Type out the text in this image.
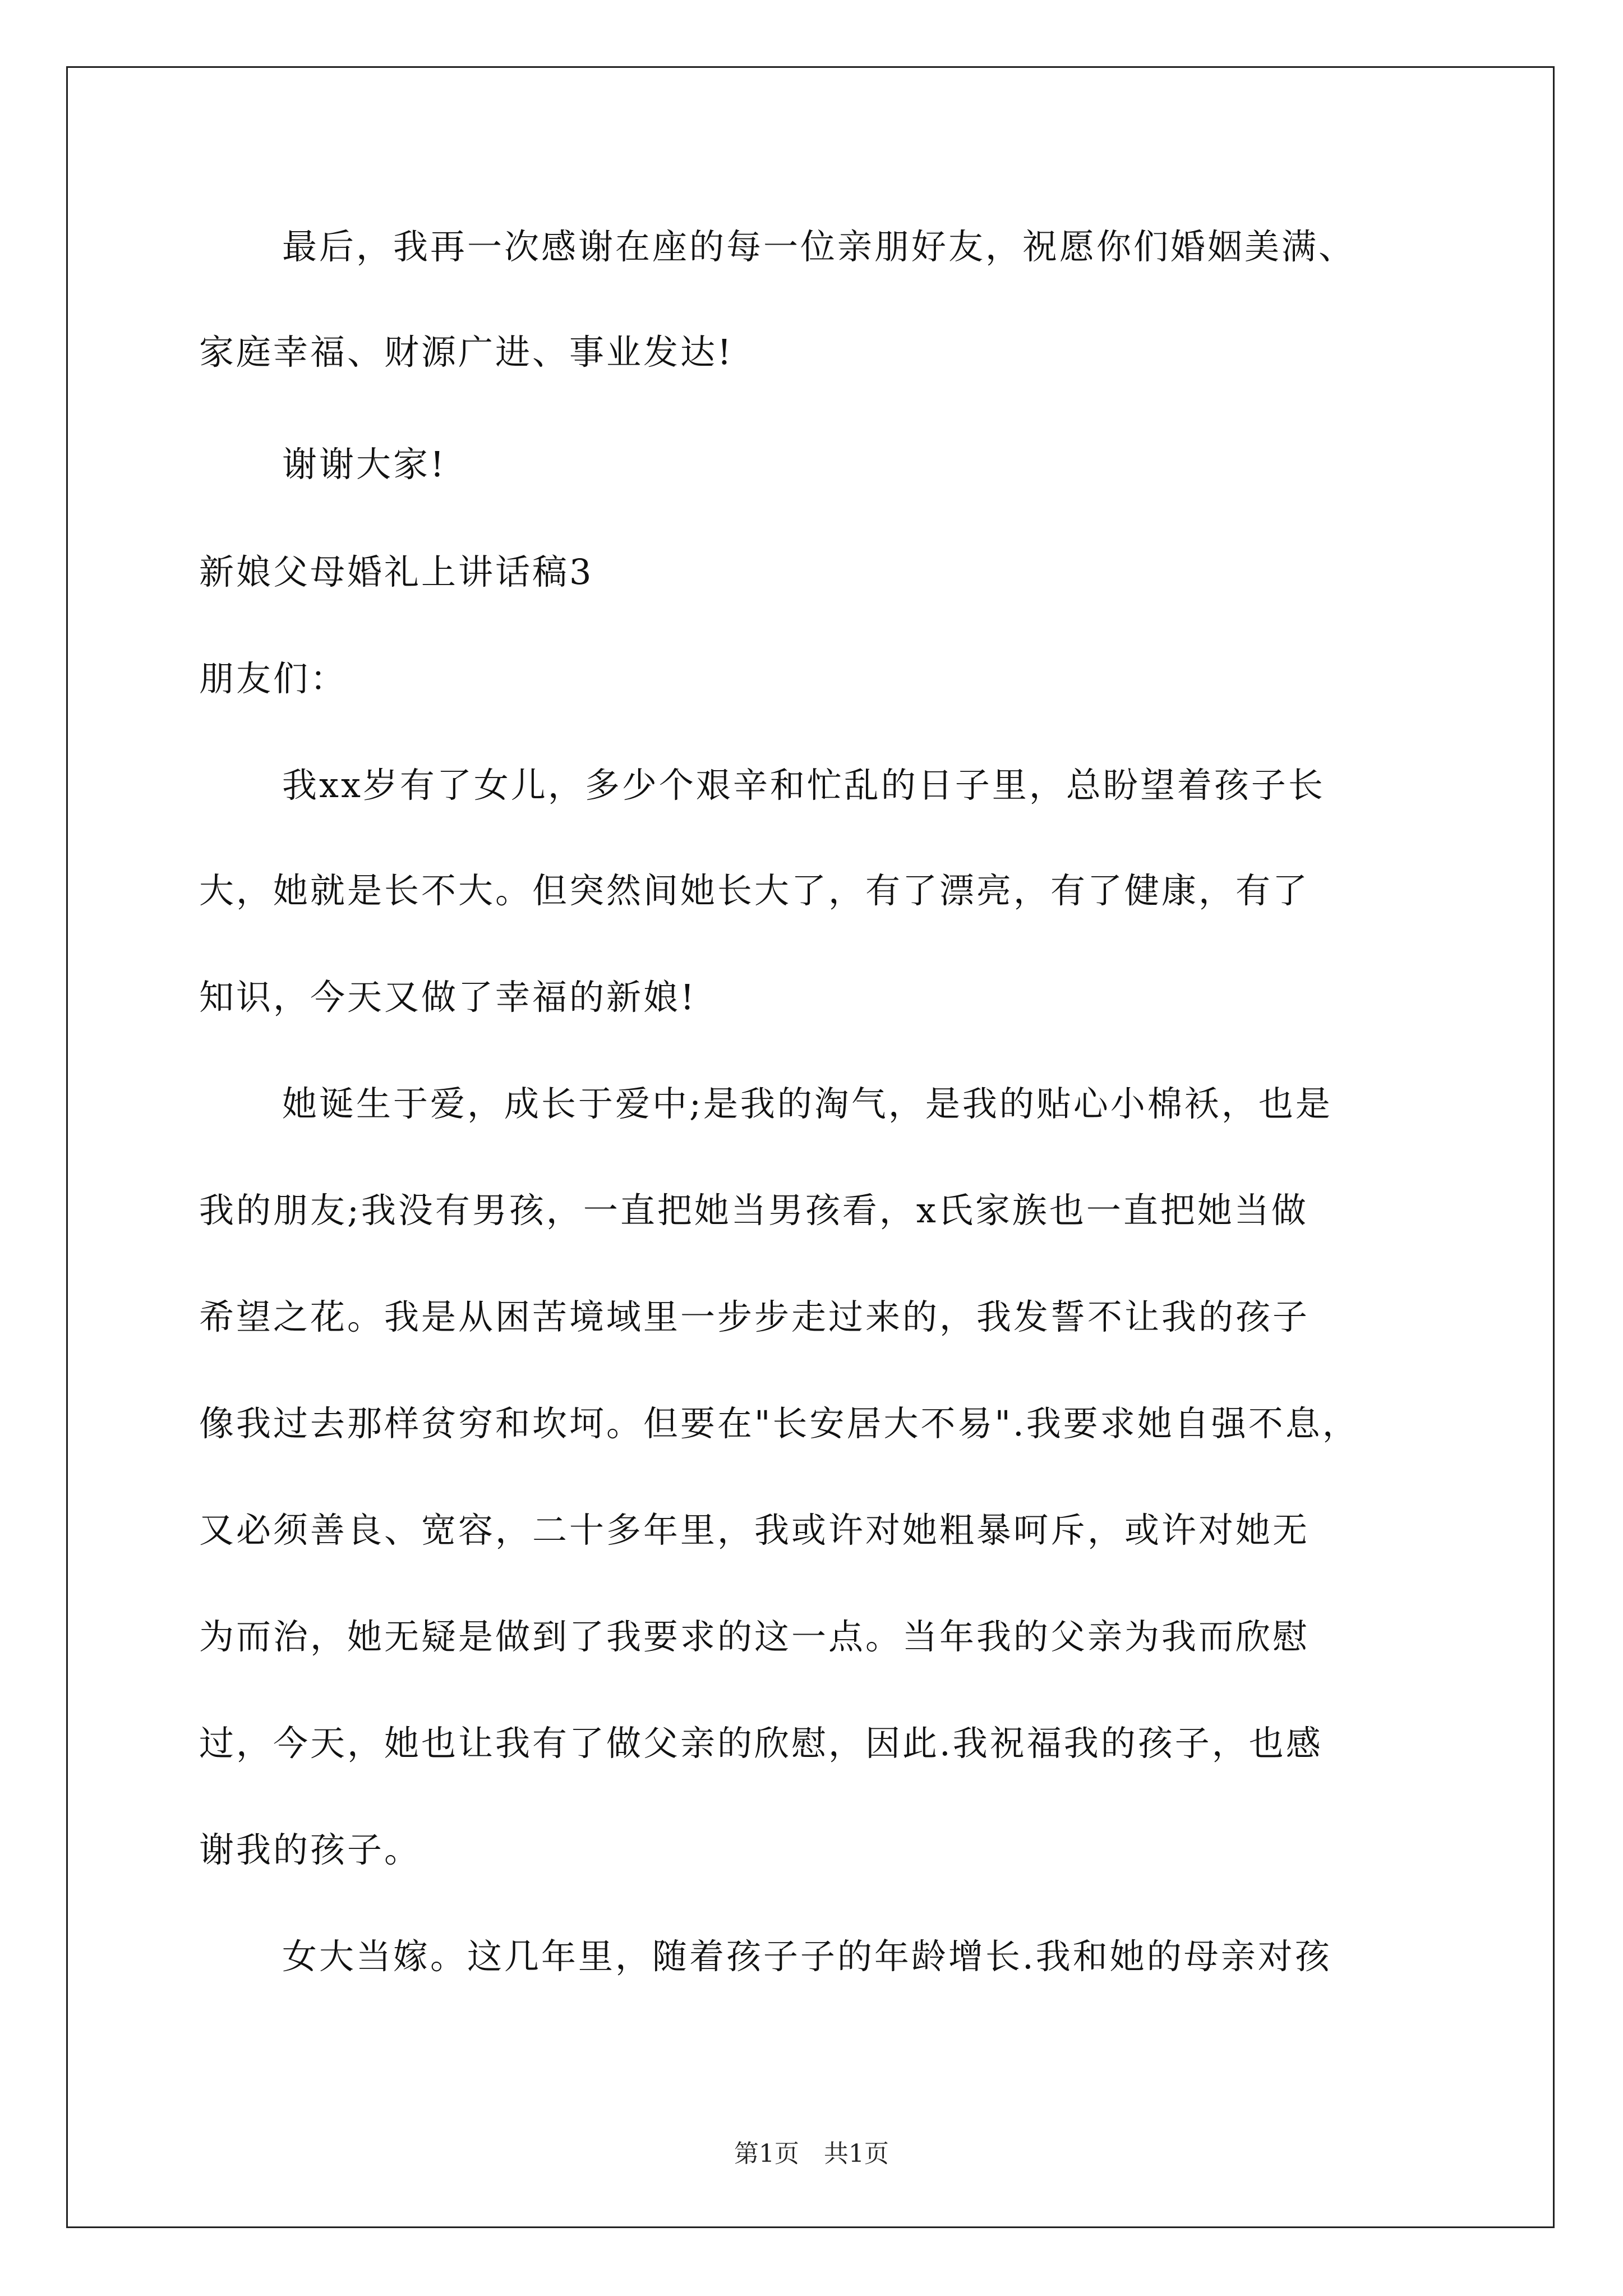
最后，我再一次感谢在座的每一位亲朋好友，祝愿你们婚姻美满、
家庭幸福、财源广进、事业发达!
谢谢大家!
新娘父母婚礼上讲话稿3
朋友们：
我xx岁有了女儿，多少个艰辛和忙乱的日子里，总盼望着孩子长
大，她就是长不大。但突然间她长大了，有了漂亮，有了健康，有了
知识，今天又做了幸福的新娘!
她诞生于爱，成长于爱中;是我的淘气，是我的贴心小棉袄，也是
我的朋友;我没有男孩，一直把她当男孩看，x氏家族也一直把她当做
希望之花。我是从困苦境域里一步步走过来的，我发誓不让我的孩子
像我过去那样贫穷和坎坷。但要在"长安居大不易".我要求她自强不息，
又必须善良、宽容，二十多年里，我或许对她粗暴呵斥，或许对她无
为而治，她无疑是做到了我要求的这一点。当年我的父亲为我而欣慰
过，今天，她也让我有了做父亲的欣慰，因此.我祝福我的孩子，也感
谢我的孩子。
女大当嫁。这几年里，随着孩子子的年龄增长.我和她的母亲对孩
第1页　共1页
